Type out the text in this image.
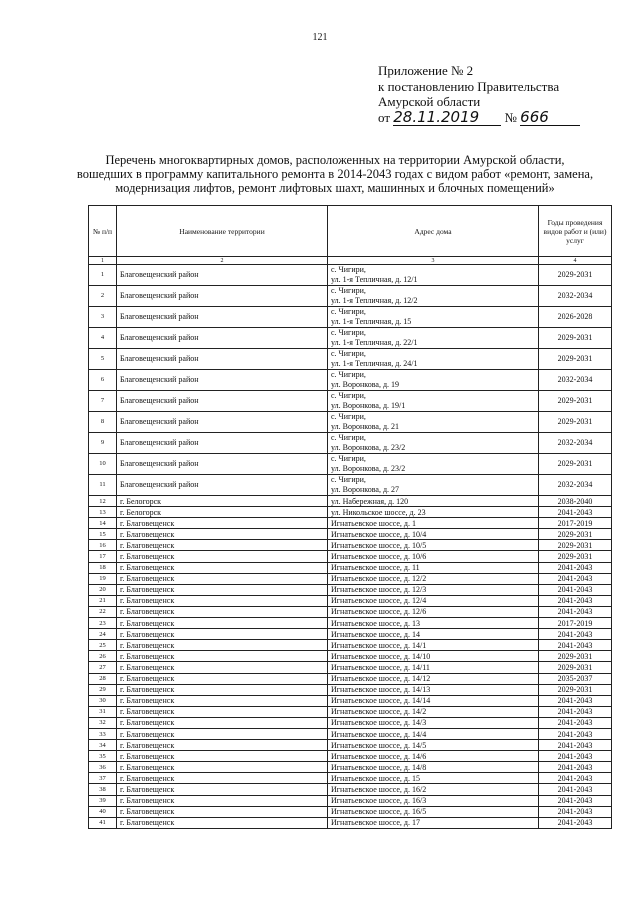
121
Приложение № 2
к постановлению Правительства
Амурской области
от 28.11.2019 № 666
Перечень многоквартирных домов, расположенных на территории Амурской области,
вошедших в программу капитального ремонта в 2014-2043 годах с видом работ «ремонт, замена,
модернизация лифтов, ремонт лифтовых шахт, машинных и блочных помещений»
№ п/п	Наименование территории	Адрес дома	Годы проведения видов работ и (или) услуг
1	2	3	4
1	Благовещенский район	с. Чигири,
ул. 1-я Тепличная, д. 12/1	2029-2031
2	Благовещенский район	с. Чигири,
ул. 1-я Тепличная, д. 12/2	2032-2034
3	Благовещенский район	с. Чигири,
ул. 1-я Тепличная, д. 15	2026-2028
4	Благовещенский район	с. Чигири,
ул. 1-я Тепличная, д. 22/1	2029-2031
5	Благовещенский район	с. Чигири,
ул. 1-я Тепличная, д. 24/1	2029-2031
6	Благовещенский район	с. Чигири,
ул. Воронкова, д. 19	2032-2034
7	Благовещенский район	с. Чигири,
ул. Воронкова, д. 19/1	2029-2031
8	Благовещенский район	с. Чигири,
ул. Воронкова, д. 21	2029-2031
9	Благовещенский район	с. Чигири,
ул. Воронкова, д. 23/2	2032-2034
10	Благовещенский район	с. Чигири,
ул. Воронкова, д. 23/2	2029-2031
11	Благовещенский район	с. Чигири,
ул. Воронкова, д. 27	2032-2034
12	г. Белогорск	ул. Набережная, д. 120	2038-2040
13	г. Белогорск	ул. Никольское шоссе, д. 23	2041-2043
14	г. Благовещенск	Игнатьевское шоссе, д. 1	2017-2019
15	г. Благовещенск	Игнатьевское шоссе, д. 10/4	2029-2031
16	г. Благовещенск	Игнатьевское шоссе, д. 10/5	2029-2031
17	г. Благовещенск	Игнатьевское шоссе, д. 10/6	2029-2031
18	г. Благовещенск	Игнатьевское шоссе, д. 11	2041-2043
19	г. Благовещенск	Игнатьевское шоссе, д. 12/2	2041-2043
20	г. Благовещенск	Игнатьевское шоссе, д. 12/3	2041-2043
21	г. Благовещенск	Игнатьевское шоссе, д. 12/4	2041-2043
22	г. Благовещенск	Игнатьевское шоссе, д. 12/6	2041-2043
23	г. Благовещенск	Игнатьевское шоссе, д. 13	2017-2019
24	г. Благовещенск	Игнатьевское шоссе, д. 14	2041-2043
25	г. Благовещенск	Игнатьевское шоссе, д. 14/1	2041-2043
26	г. Благовещенск	Игнатьевское шоссе, д. 14/10	2029-2031
27	г. Благовещенск	Игнатьевское шоссе, д. 14/11	2029-2031
28	г. Благовещенск	Игнатьевское шоссе, д. 14/12	2035-2037
29	г. Благовещенск	Игнатьевское шоссе, д. 14/13	2029-2031
30	г. Благовещенск	Игнатьевское шоссе, д. 14/14	2041-2043
31	г. Благовещенск	Игнатьевское шоссе, д. 14/2	2041-2043
32	г. Благовещенск	Игнатьевское шоссе, д. 14/3	2041-2043
33	г. Благовещенск	Игнатьевское шоссе, д. 14/4	2041-2043
34	г. Благовещенск	Игнатьевское шоссе, д. 14/5	2041-2043
35	г. Благовещенск	Игнатьевское шоссе, д. 14/6	2041-2043
36	г. Благовещенск	Игнатьевское шоссе, д. 14/8	2041-2043
37	г. Благовещенск	Игнатьевское шоссе, д. 15	2041-2043
38	г. Благовещенск	Игнатьевское шоссе, д. 16/2	2041-2043
39	г. Благовещенск	Игнатьевское шоссе, д. 16/3	2041-2043
40	г. Благовещенск	Игнатьевское шоссе, д. 16/5	2041-2043
41	г. Благовещенск	Игнатьевское шоссе, д. 17	2041-2043
